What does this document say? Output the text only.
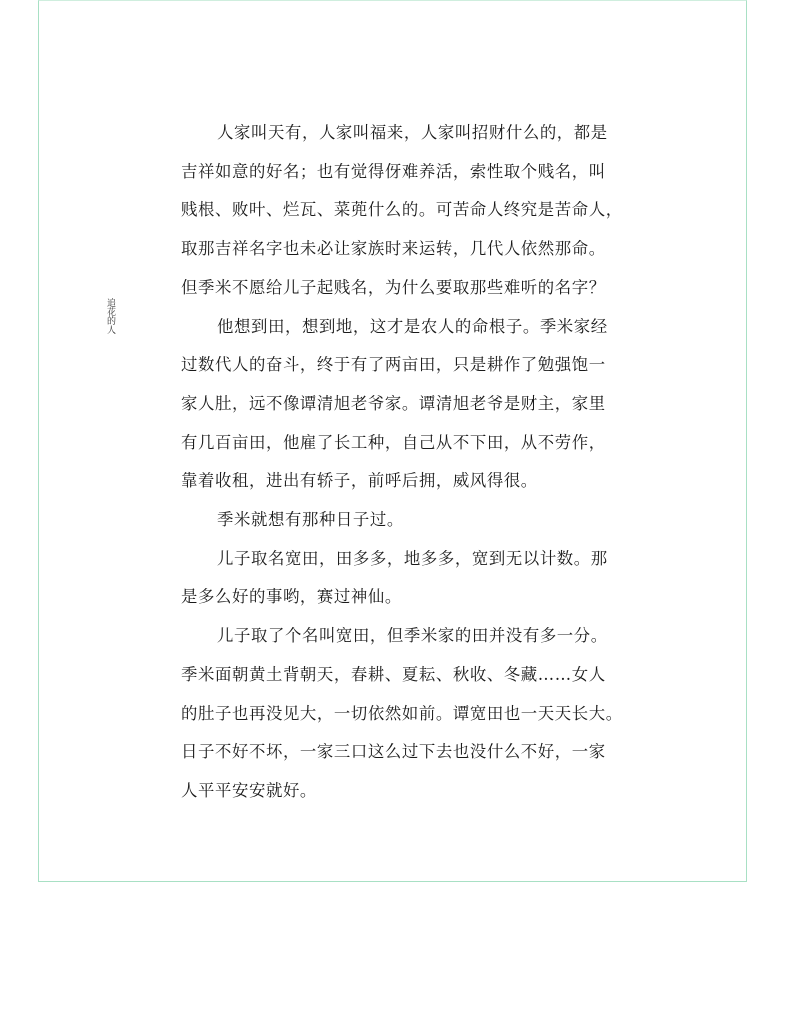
追花的人

人家叫天有，人家叫福来，人家叫招财什么的，都是
吉祥如意的好名；也有觉得伢难养活，索性取个贱名，叫
贱根、败叶、烂瓦、菜蔸什么的。可苦命人终究是苦命人，
取那吉祥名字也未必让家族时来运转，几代人依然那命。
但季米不愿给儿子起贱名，为什么要取那些难听的名字？

他想到田，想到地，这才是农人的命根子。季米家经
过数代人的奋斗，终于有了两亩田，只是耕作了勉强饱一
家人肚，远不像谭清旭老爷家。谭清旭老爷是财主，家里
有几百亩田，他雇了长工种，自己从不下田，从不劳作，
靠着收租，进出有轿子，前呼后拥，威风得很。

季米就想有那种日子过。

儿子取名宽田，田多多，地多多，宽到无以计数。那
是多么好的事哟，赛过神仙。

儿子取了个名叫宽田，但季米家的田并没有多一分。
季米面朝黄土背朝天，春耕、夏耘、秋收、冬藏……女人
的肚子也再没见大，一切依然如前。谭宽田也一天天长大。
日子不好不坏，一家三口这么过下去也没什么不好，一家
人平平安安就好。
